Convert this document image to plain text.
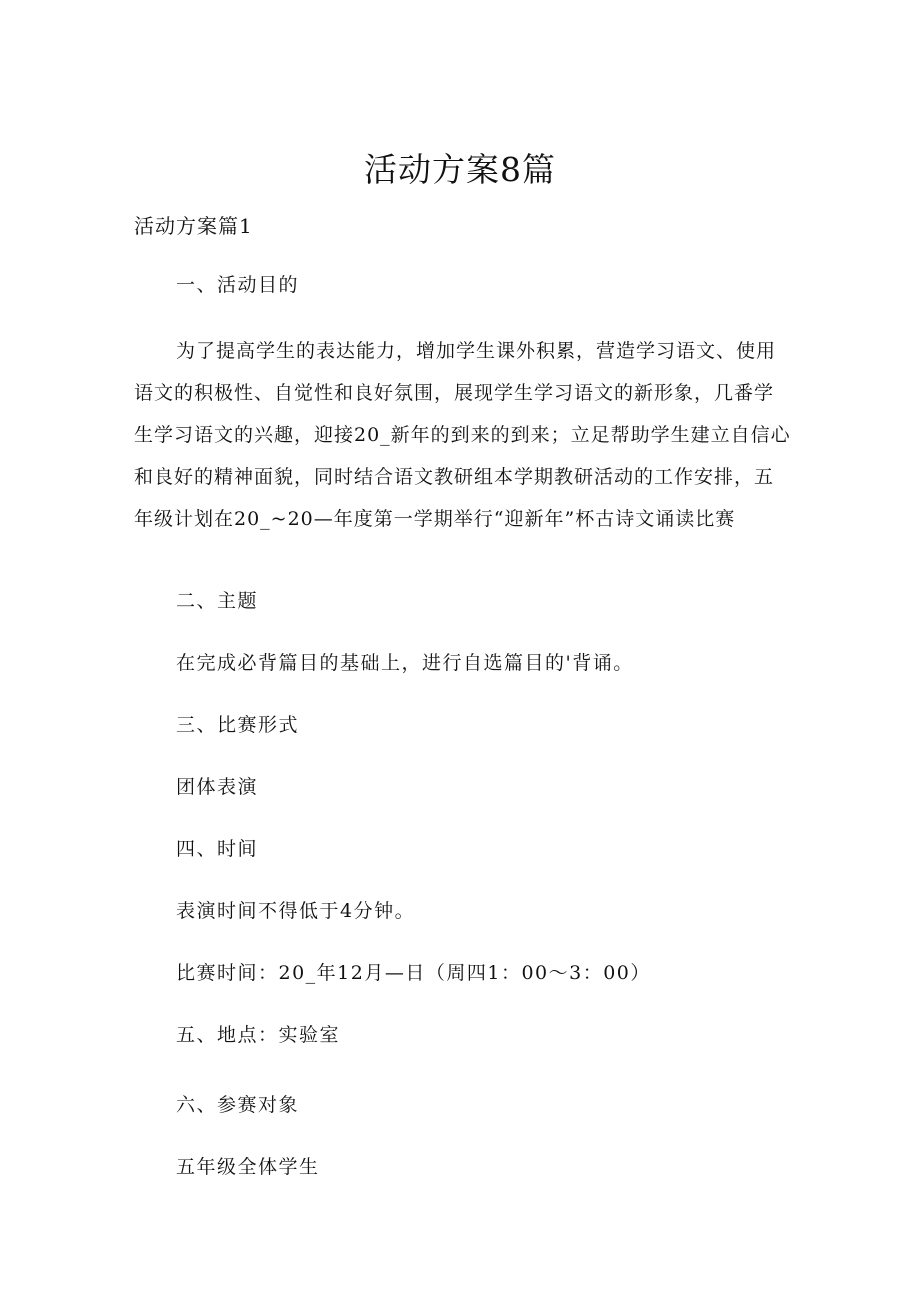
活动方案8篇
活动方案篇1
一、活动目的
为了提高学生的表达能力，增加学生课外积累，营造学习语文、使用
语文的积极性、自觉性和良好氛围，展现学生学习语文的新形象，几番学
生学习语文的兴趣，迎接20_新年的到来的到来；立足帮助学生建立自信心
和良好的精神面貌，同时结合语文教研组本学期教研活动的工作安排，五
年级计划在20_~20—年度第一学期举行“迎新年”杯古诗文诵读比赛
二、主题
在完成必背篇目的基础上，进行自选篇目的'背诵。
三、比赛形式
团体表演
四、时间
表演时间不得低于4分钟。
比赛时间：20_年12月—日（周四1：00～3：00）
五、地点：实验室
六、参赛对象
五年级全体学生
